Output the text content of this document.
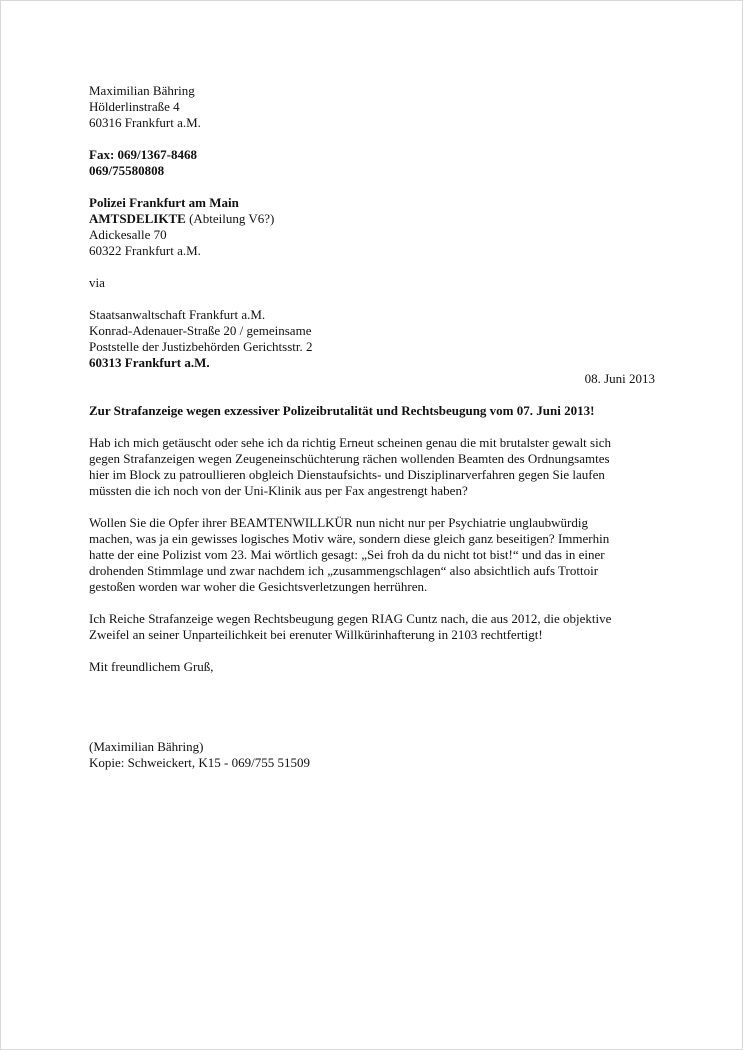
Maximilian Bähring
Hölderlinstraße 4
60316 Frankfurt a.M.
Fax: 069/1367-8468
069/75580808
Polizei Frankfurt am Main
AMTSDELIKTE (Abteilung V6?)
Adickesalle 70
60322 Frankfurt a.M.
via
Staatsanwaltschaft Frankfurt a.M.
Konrad-Adenauer-Straße 20 / gemeinsame
Poststelle der Justizbehörden Gerichtsstr. 2
60313 Frankfurt a.M.
08. Juni 2013
Zur Strafanzeige wegen exzessiver Polizeibrutalität und Rechtsbeugung vom 07. Juni 2013!
Hab ich mich getäuscht oder sehe ich da richtig Erneut scheinen genau die mit brutalster gewalt sich
gegen Strafanzeigen wegen Zeugeneinschüchterung rächen wollenden Beamten des Ordnungsamtes
hier im Block zu patroullieren obgleich Dienstaufsichts- und Disziplinarverfahren gegen Sie laufen
müssten die ich noch von der Uni-Klinik aus per Fax angestrengt haben?
Wollen Sie die Opfer ihrer BEAMTENWILLKÜR nun nicht nur per Psychiatrie unglaubwürdig
machen, was ja ein gewisses logisches Motiv wäre, sondern diese gleich ganz beseitigen? Immerhin
hatte der eine Polizist vom 23. Mai wörtlich gesagt: „Sei froh da du nicht tot bist!“ und das in einer
drohenden Stimmlage und zwar nachdem ich „zusammengschlagen“ also absichtlich aufs Trottoir
gestoßen worden war woher die Gesichtsverletzungen herrühren.
Ich Reiche Strafanzeige wegen Rechtsbeugung gegen RIAG Cuntz nach, die aus 2012, die objektive
Zweifel an seiner Unparteilichkeit bei erenuter Willkürinhafterung in 2103 rechtfertigt!
Mit freundlichem Gruß,
(Maximilian Bähring)
Kopie: Schweickert, K15 - 069/755 51509
